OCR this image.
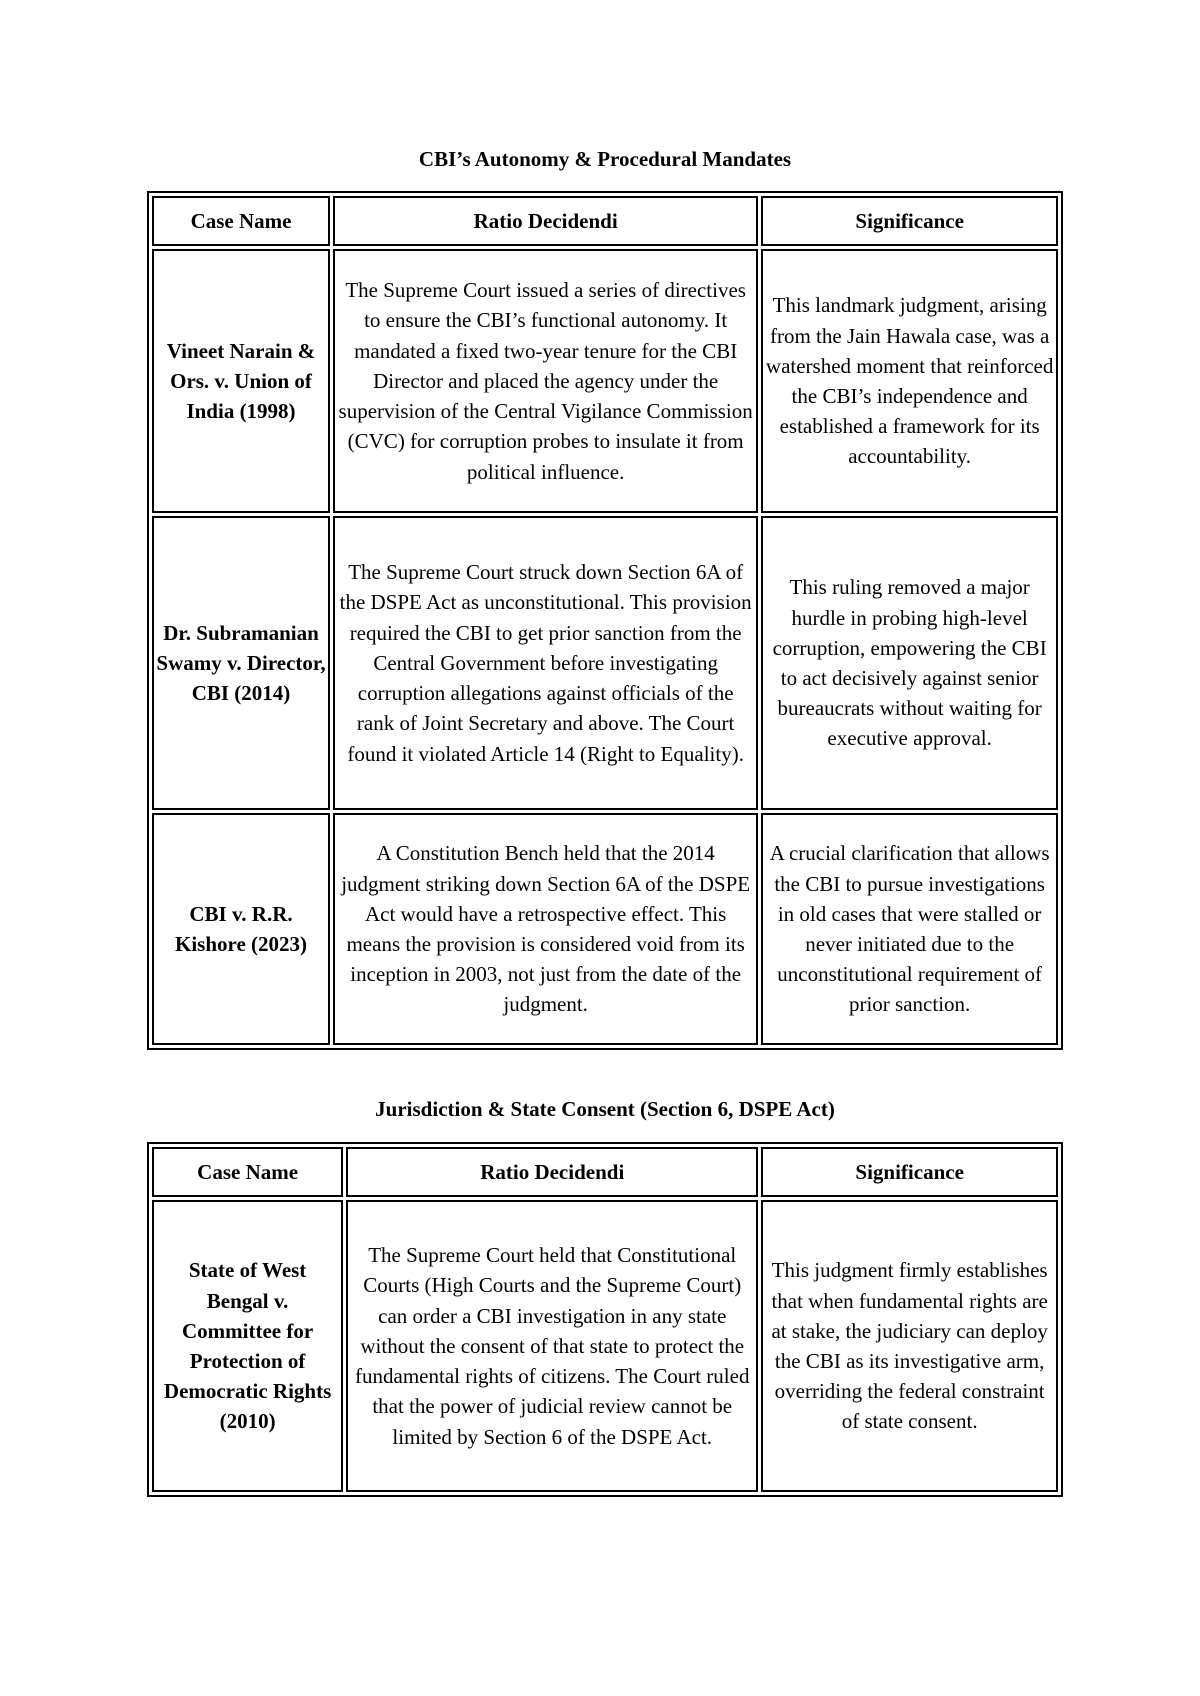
CBI’s Autonomy & Procedural Mandates
Case Name	Ratio Decidendi	Significance
Vineet Narain & Ors. v. Union of India (1998)	The Supreme Court issued a series of directives to ensure the CBI’s functional autonomy. It mandated a fixed two-year tenure for the CBI Director and placed the agency under the supervision of the Central Vigilance Commission (CVC) for corruption probes to insulate it from political influence.	This landmark judgment, arising from the Jain Hawala case, was a watershed moment that reinforced the CBI’s independence and established a framework for its accountability.
Dr. Subramanian Swamy v. Director, CBI (2014)	The Supreme Court struck down Section 6A of the DSPE Act as unconstitutional. This provision required the CBI to get prior sanction from the Central Government before investigating corruption allegations against officials of the rank of Joint Secretary and above. The Court found it violated Article 14 (Right to Equality).	This ruling removed a major hurdle in probing high-level corruption, empowering the CBI to act decisively against senior bureaucrats without waiting for executive approval.
CBI v. R.R. Kishore (2023)	A Constitution Bench held that the 2014 judgment striking down Section 6A of the DSPE Act would have a retrospective effect. This means the provision is considered void from its inception in 2003, not just from the date of the judgment.	A crucial clarification that allows the CBI to pursue investigations in old cases that were stalled or never initiated due to the unconstitutional requirement of prior sanction.
Jurisdiction & State Consent (Section 6, DSPE Act)
Case Name	Ratio Decidendi	Significance
State of West Bengal v. Committee for Protection of Democratic Rights (2010)	The Supreme Court held that Constitutional Courts (High Courts and the Supreme Court) can order a CBI investigation in any state without the consent of that state to protect the fundamental rights of citizens. The Court ruled that the power of judicial review cannot be limited by Section 6 of the DSPE Act.	This judgment firmly establishes that when fundamental rights are at stake, the judiciary can deploy the CBI as its investigative arm, overriding the federal constraint of state consent.
